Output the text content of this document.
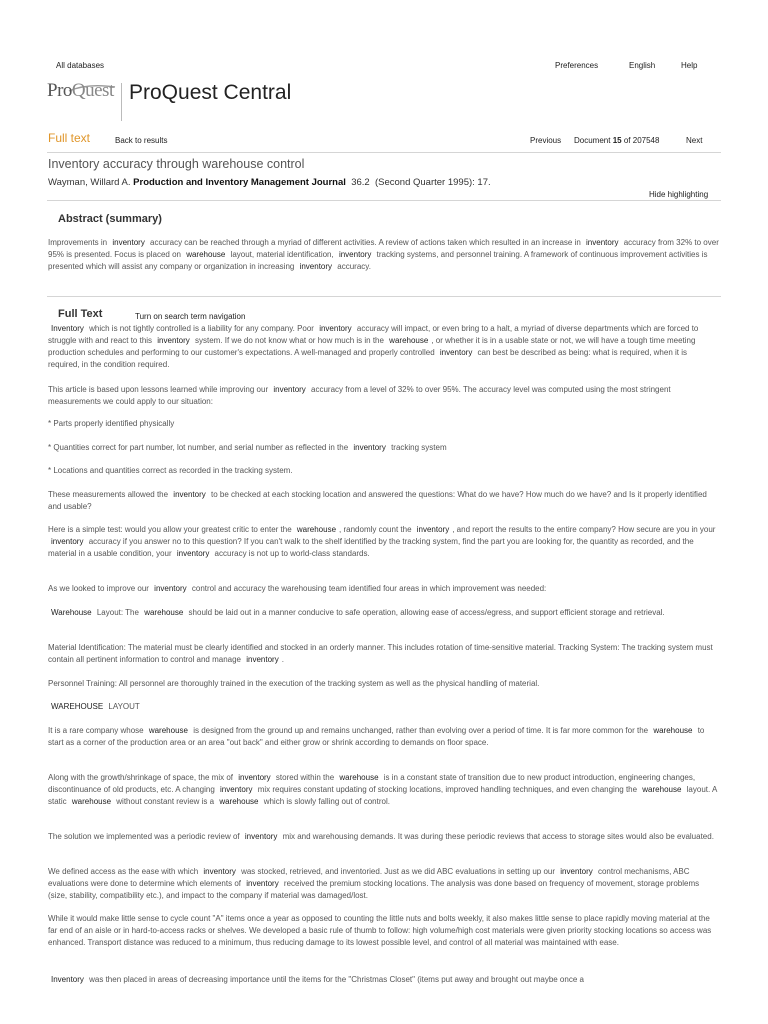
All databases	Preferences	English	Help
ProQuest ProQuest Central
Full text	Back to results	Previous Document 15 of 207548	Next
Inventory accuracy through warehouse control
Wayman, Willard A. Production and Inventory Management Journal 36.2 (Second Quarter 1995): 17.
Hide highlighting
Abstract (summary)

Improvements in inventory accuracy can be reached through a myriad of different activities. A review of actions taken which resulted in an increase in inventory accuracy from 32% to over 95% is presented. Focus is placed on warehouse layout, material identification, inventory tracking systems, and personnel training. A framework of continuous improvement activities is presented which will assist any company or organization in increasing inventory accuracy.

Full Text	Turn on search term navigation

Inventory which is not tightly controlled is a liability for any company. Poor inventory accuracy will impact, or even bring to a halt, a myriad of diverse departments which are forced to struggle with and react to this inventory system. If we do not know what or how much is in the warehouse , or whether it is in a usable state or not, we will have a tough time meeting production schedules and performing to our customer's expectations. A well-managed and properly controlled inventory can best be described as being: what is required, when it is required, in the condition required.

This article is based upon lessons learned while improving our inventory accuracy from a level of 32% to over 95%. The accuracy level was computed using the most stringent measurements we could apply to our situation:

* Parts properly identified physically

* Quantities correct for part number, lot number, and serial number as reflected in the inventory tracking system

* Locations and quantities correct as recorded in the tracking system.

These measurements allowed the inventory to be checked at each stocking location and answered the questions: What do we have? How much do we have? and Is it properly identified and usable?

Here is a simple test: would you allow your greatest critic to enter the warehouse , randomly count the inventory , and report the results to the entire company? How secure are you in your inventory accuracy if you answer no to this question? If you can't walk to the shelf identified by the tracking system, find the part you are looking for, the quantity as recorded, and the material in a usable condition, your inventory accuracy is not up to world-class standards.

As we looked to improve our inventory control and accuracy the warehousing team identified four areas in which improvement was needed:

Warehouse Layout: The warehouse should be laid out in a manner conducive to safe operation, allowing ease of access/egress, and support efficient storage and retrieval.

Material Identification: The material must be clearly identified and stocked in an orderly manner. This includes rotation of time-sensitive material. Tracking System: The tracking system must contain all pertinent information to control and manage inventory .

Personnel Training: All personnel are thoroughly trained in the execution of the tracking system as well as the physical handling of material.

WAREHOUSE LAYOUT

It is a rare company whose warehouse is designed from the ground up and remains unchanged, rather than evolving over a period of time. It is far more common for the warehouse to start as a corner of the production area or an area "out back" and either grow or shrink according to demands on floor space.

Along with the growth/shrinkage of space, the mix of inventory stored within the warehouse is in a constant state of transition due to new product introduction, engineering changes, discontinuance of old products, etc. A changing inventory mix requires constant updating of stocking locations, improved handling techniques, and even changing the warehouse layout. A static warehouse without constant review is a warehouse which is slowly falling out of control.

The solution we implemented was a periodic review of inventory mix and warehousing demands. It was during these periodic reviews that access to storage sites would also be evaluated.

We defined access as the ease with which inventory was stocked, retrieved, and inventoried. Just as we did ABC evaluations in setting up our inventory control mechanisms, ABC evaluations were done to determine which elements of inventory received the premium stocking locations. The analysis was done based on frequency of movement, storage problems (size, stability, compatibility etc.), and impact to the company if material was damaged/lost.

While it would make little sense to cycle count "A" items once a year as opposed to counting the little nuts and bolts weekly, it also makes little sense to place rapidly moving material at the far end of an aisle or in hard-to-access racks or shelves. We developed a basic rule of thumb to follow: high volume/high cost materials were given priority stocking locations so access was enhanced. Transport distance was reduced to a minimum, thus reducing damage to its lowest possible level, and control of all material was maintained with ease.

Inventory was then placed in areas of decreasing importance until the items for the "Christmas Closet" (items put away and brought out maybe once a
